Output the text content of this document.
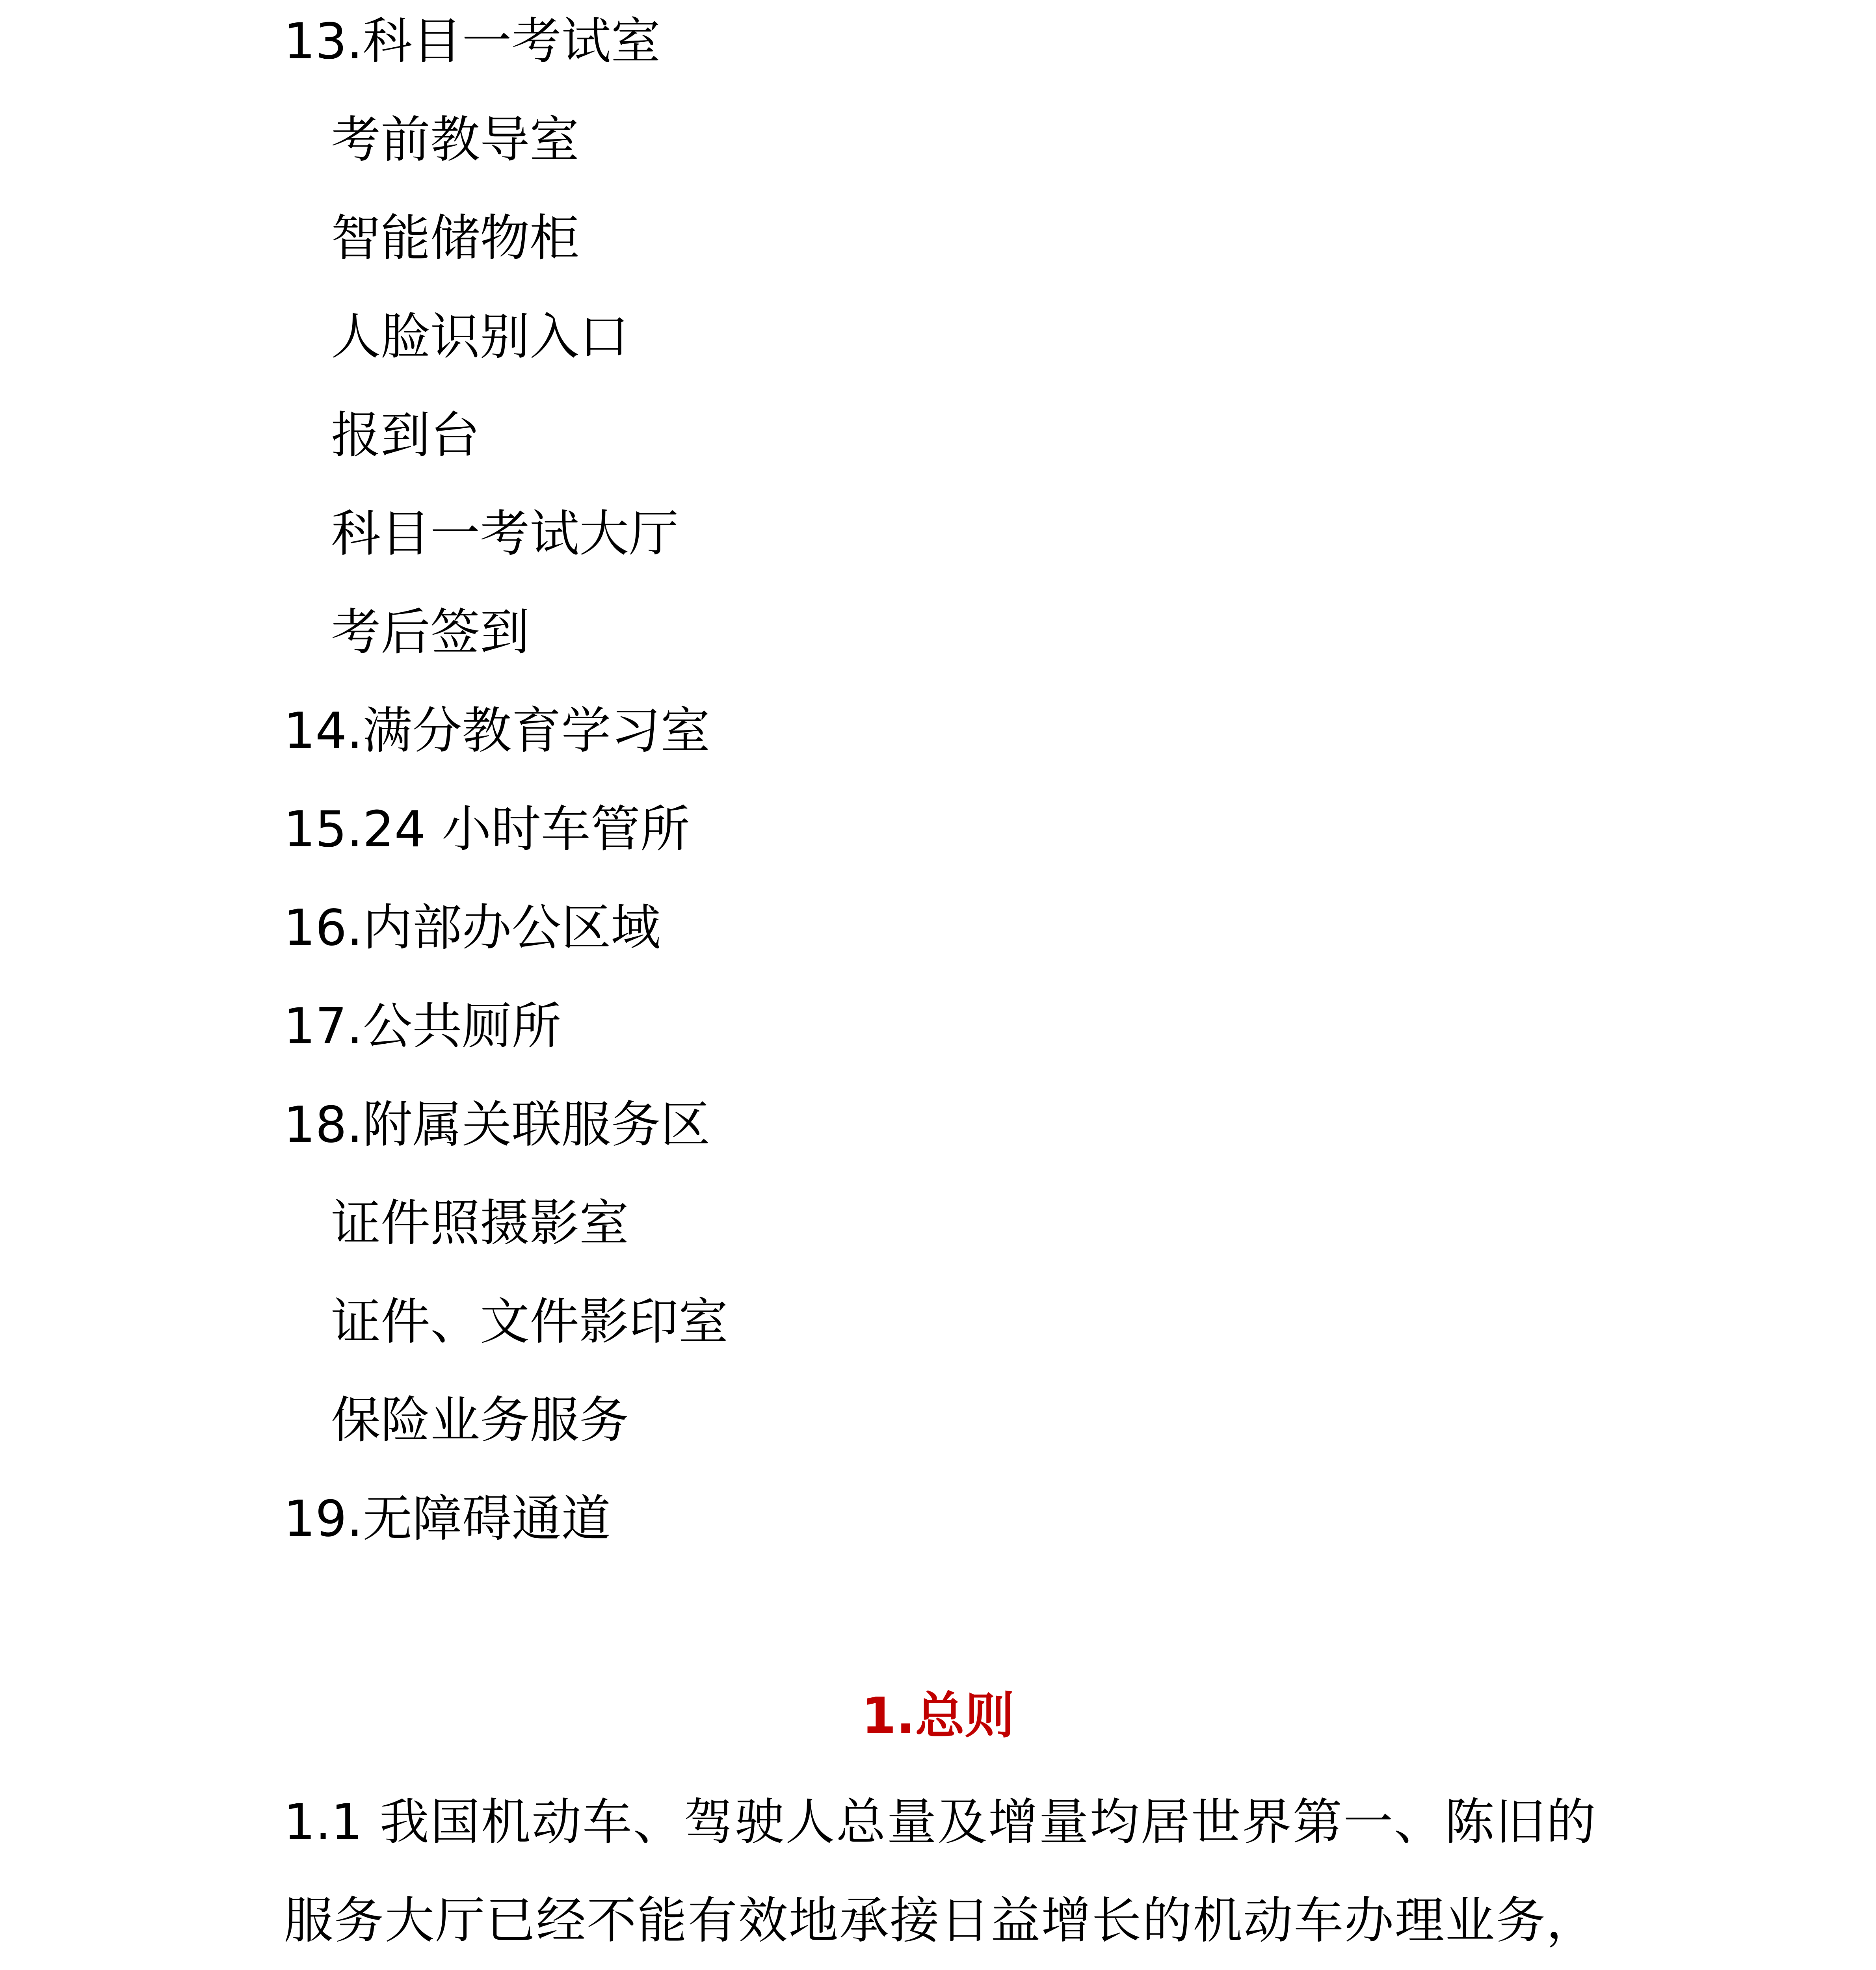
13.科目一考试室
考前教导室
智能储物柜
人脸识别入口
报到台
科目一考试大厅
考后签到
14.满分教育学习室
15.24 小时车管所
16.内部办公区域
17.公共厕所
18.附属关联服务区
证件照摄影室
证件、文件影印室
保险业务服务
19.无障碍通道
1.总则

1.1 我国机动车、驾驶人总量及增量均居世界第一、陈旧的服务大厅已经不能有效地承接日益增长的机动车办理业务，
